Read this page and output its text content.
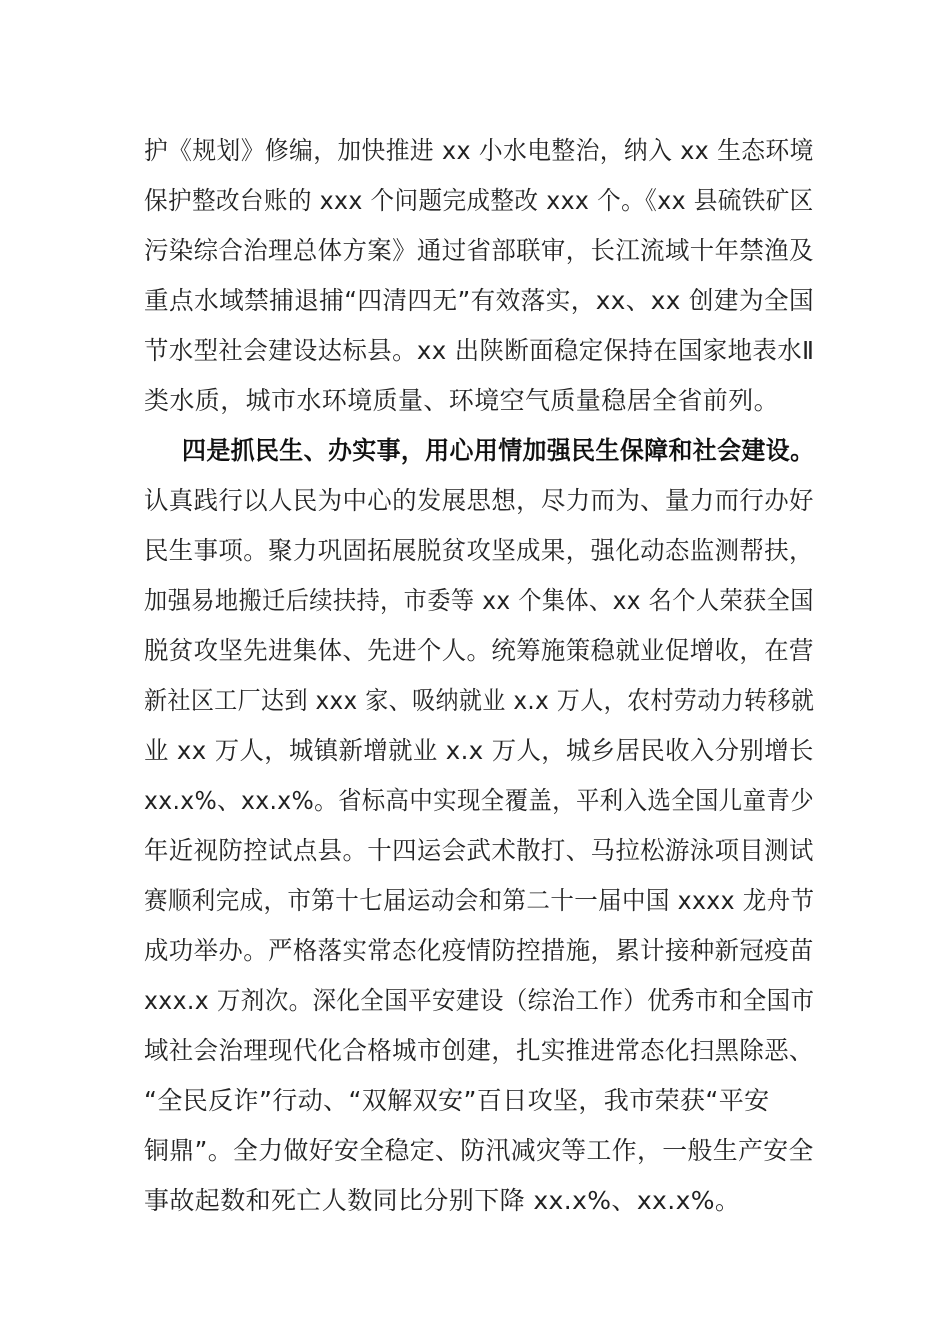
护《规划》修编，加快推进 xx 小水电整治，纳入 xx 生态环境
保护整改台账的 xxx 个问题完成整改 xxx 个。《xx 县硫铁矿区
污染综合治理总体方案》通过省部联审，长江流域十年禁渔及
重点水域禁捕退捕“四清四无”有效落实，xx、xx 创建为全国
节水型社会建设达标县。xx 出陕断面稳定保持在国家地表水Ⅱ
类水质，城市水环境质量、环境空气质量稳居全省前列。
四是抓民生、办实事，用心用情加强民生保障和社会建设。
认真践行以人民为中心的发展思想，尽力而为、量力而行办好
民生事项。聚力巩固拓展脱贫攻坚成果，强化动态监测帮扶，
加强易地搬迁后续扶持，市委等 xx 个集体、xx 名个人荣获全国
脱贫攻坚先进集体、先进个人。统筹施策稳就业促增收，在营
新社区工厂达到 xxx 家、吸纳就业 x.x 万人，农村劳动力转移就
业 xx 万人，城镇新增就业 x.x 万人，城乡居民收入分别增长
xx.x%、xx.x%。省标高中实现全覆盖，平利入选全国儿童青少
年近视防控试点县。十四运会武术散打、马拉松游泳项目测试
赛顺利完成，市第十七届运动会和第二十一届中国 xxxx 龙舟节
成功举办。严格落实常态化疫情防控措施，累计接种新冠疫苗
xxx.x 万剂次。深化全国平安建设（综治工作）优秀市和全国市
域社会治理现代化合格城市创建，扎实推进常态化扫黑除恶、
“全民反诈”行动、“双解双安”百日攻坚，我市荣获“平安
铜鼎”。全力做好安全稳定、防汛减灾等工作，一般生产安全
事故起数和死亡人数同比分别下降 xx.x%、xx.x%。
